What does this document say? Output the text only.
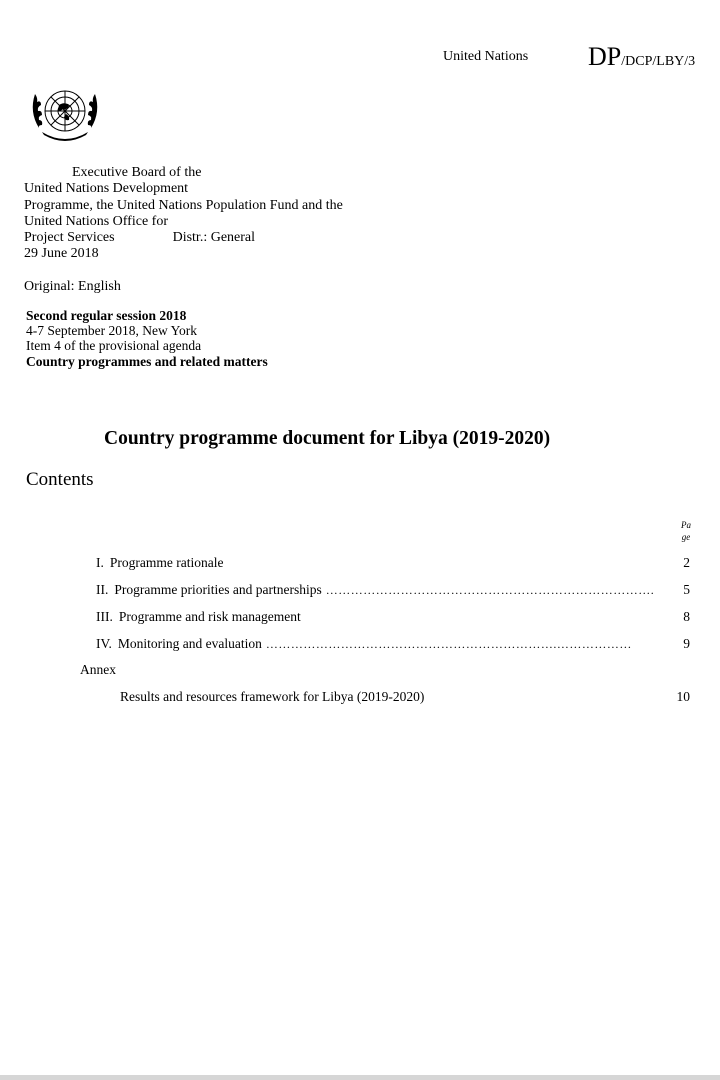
United Nations DP/DCP/LBY/3
Executive Board of the
United Nations Development
Programme, the United Nations Population Fund and the
United Nations Office for
Project Services	Distr.: General
29 June 2018
Original: English
Second regular session 2018
4-7 September 2018, New York
Item 4 of the provisional agenda
Country programmes and related matters
Country programme document for Libya (2019-2020)
Contents
Pa
ge
I. Programme rationale	2
II. Programme priorities and partnerships …………………………………………………………………….	5
III. Programme and risk management	8
IV. Monitoring and evaluation …………………………………………………………….………………	9
Annex
Results and resources framework for Libya (2019-2020)	10
